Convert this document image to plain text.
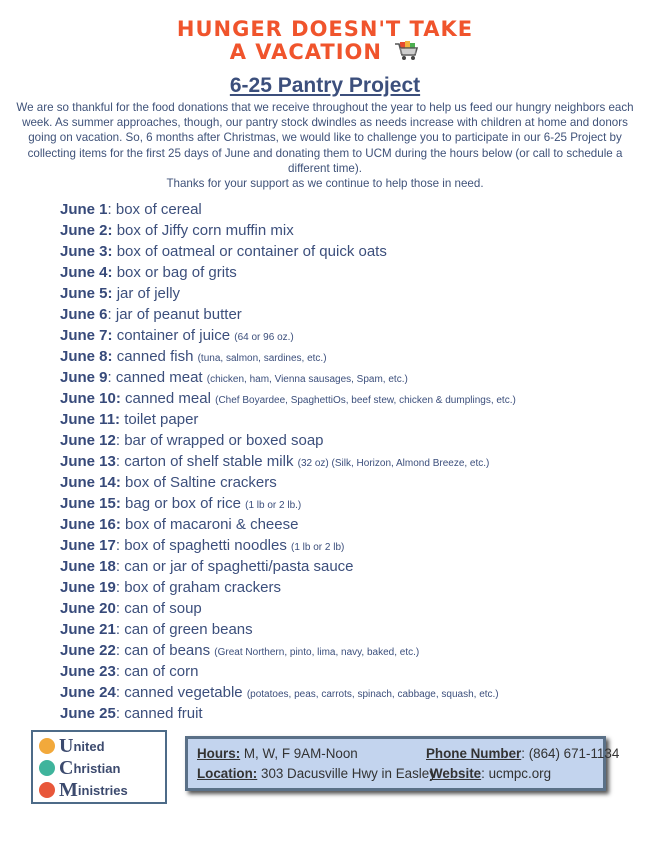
HUNGER DOESN'T TAKE
A VACATION
6-25 Pantry Project

We are so thankful for the food donations that we receive throughout the year to help us feed our hungry neighbors each week. As summer approaches, though, our pantry stock dwindles as needs increase with children at home and donors going on vacation. So, 6 months after Christmas, we would like to challenge you to participate in our 6-25 Project by collecting items for the first 25 days of June and donating them to UCM during the hours below (or call to schedule a different time).

Thanks for your support as we continue to help those in need.

June 1: box of cereal
June 2: box of Jiffy corn muffin mix
June 3: box of oatmeal or container of quick oats
June 4: box or bag of grits
June 5: jar of jelly
June 6: jar of peanut butter
June 7: container of juice (64 or 96 oz.)
June 8: canned fish (tuna, salmon, sardines, etc.)
June 9: canned meat (chicken, ham, Vienna sausages, Spam, etc.)
June 10: canned meal (Chef Boyardee, SpaghettiOs, beef stew, chicken & dumplings, etc.)
June 11: toilet paper
June 12: bar of wrapped or boxed soap
June 13: carton of shelf stable milk (32 oz) (Silk, Horizon, Almond Breeze, etc.)
June 14: box of Saltine crackers
June 15: bag or box of rice (1 lb or 2 lb.)
June 16: box of macaroni & cheese
June 17: box of spaghetti noodles (1 lb or 2 lb)
June 18: can or jar of spaghetti/pasta sauce
June 19: box of graham crackers
June 20: can of soup
June 21: can of green beans
June 22: can of beans (Great Northern, pinto, lima, navy, baked, etc.)
June 23: can of corn
June 24: canned vegetable (potatoes, peas, carrots, spinach, cabbage, squash, etc.)
June 25: canned fruit
U nited
C hristian
M inistries
Hours: M, W, F 9AM-Noon
Location: 303 Dacusville Hwy in Easley
Phone Number: (864) 671-1134
Website: ucmpc.org
